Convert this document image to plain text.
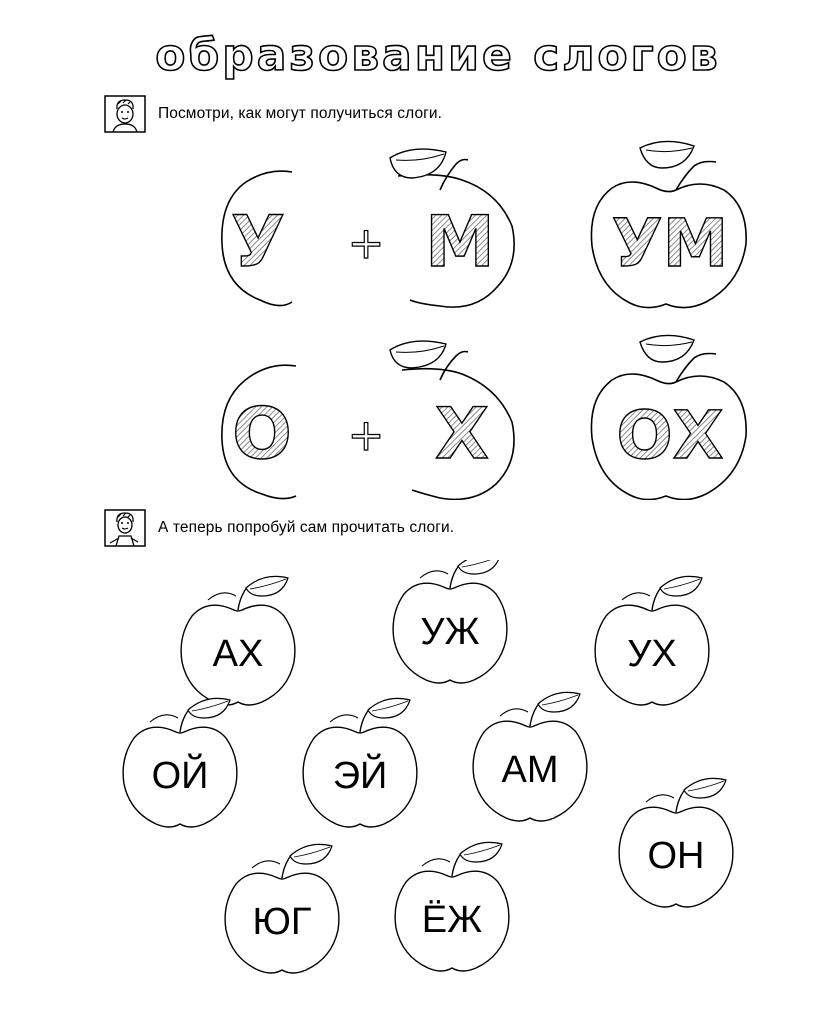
образование слогов
Посмотри, как могут получиться слоги.
У + М УМ
О + Х ОХ
А теперь попробуй сам прочитать слоги.
АХ
УЖ
УХ
ОЙ	ЭЙ	АМ
ОН
ЮГ	ЁЖ
